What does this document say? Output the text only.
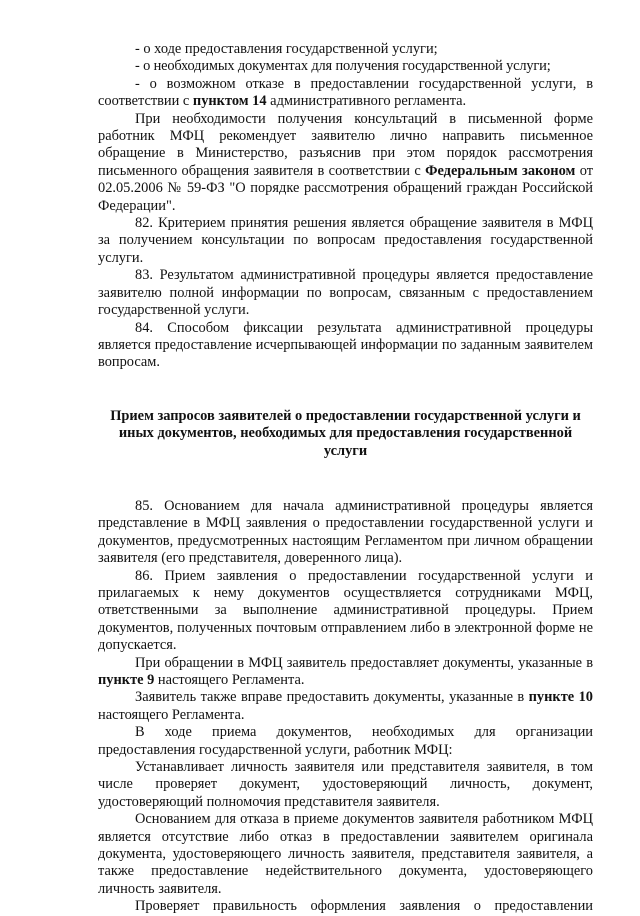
- о ходе предоставления государственной услуги;

- о необходимых документах для получения государственной услуги;

- о возможном отказе в предоставлении государственной услуги, в соответствии с пунктом 14 административного регламента.

При необходимости получения консультаций в письменной форме работник МФЦ рекомендует заявителю лично направить письменное обращение в Министерство, разъяснив при этом порядок рассмотрения письменного обращения заявителя в соответствии с Федеральным законом от 02.05.2006 № 59-ФЗ "О порядке рассмотрения обращений граждан Российской Федерации".

82. Критерием принятия решения является обращение заявителя в МФЦ за получением консультации по вопросам предоставления государственной услуги.

83. Результатом административной процедуры является предоставление заявителю полной информации по вопросам, связанным с предоставлением государственной услуги.

84. Способом фиксации результата административной процедуры является предоставление исчерпывающей информации по заданным заявителем вопросам.

Прием запросов заявителей о предоставлении государственной услуги и иных документов, необходимых для предоставления государственной услуги

85. Основанием для начала административной процедуры является представление в МФЦ заявления о предоставлении государственной услуги и документов, предусмотренных настоящим Регламентом при личном обращении заявителя (его представителя, доверенного лица).

86. Прием заявления о предоставлении государственной услуги и прилагаемых к нему документов осуществляется сотрудниками МФЦ, ответственными за выполнение административной процедуры. Прием документов, полученных почтовым отправлением либо в электронной форме не допускается.

При обращении в МФЦ заявитель предоставляет документы, указанные в пункте 9 настоящего Регламента.

Заявитель также вправе предоставить документы, указанные в пункте 10 настоящего Регламента.

В ходе приема документов, необходимых для организации предоставления государственной услуги, работник МФЦ:

Устанавливает личность заявителя или представителя заявителя, в том числе проверяет документ, удостоверяющий личность, документ, удостоверяющий полномочия представителя заявителя.

Основанием для отказа в приеме документов заявителя работником МФЦ является отсутствие либо отказ в предоставлении заявителем оригинала документа, удостоверяющего личность заявителя, представителя заявителя, а также предоставление недействительного документа, удостоверяющего личность заявителя.

Проверяет правильность оформления заявления о предоставлении
